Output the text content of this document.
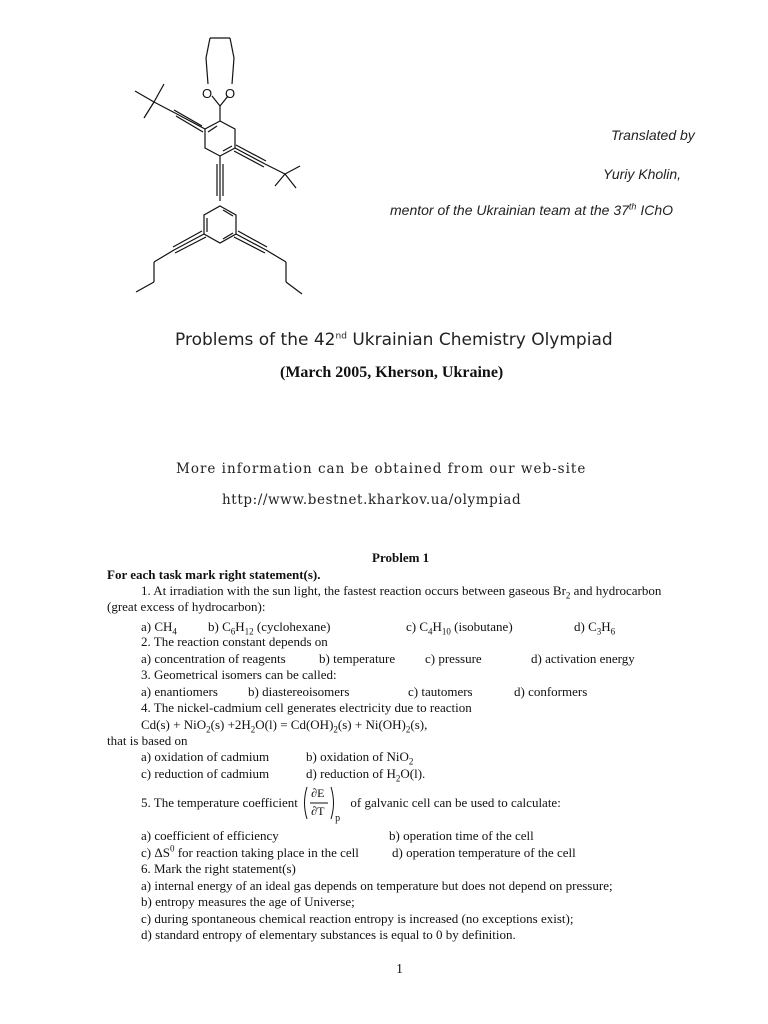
O O
Translated by
Yuriy Kholin,
mentor of the Ukrainian team at the 37th IChO
Problems of the 42nd Ukrainian Chemistry Olympiad
(March 2005, Kherson, Ukraine)
More information can be obtained from our web-site
http://www.bestnet.kharkov.ua/olympiad
Problem 1
For each task mark right statement(s).
1. At irradiation with the sun light, the fastest reaction occurs between gaseous $Br_2$ and hydrocarbon
(great excess of hydrocarbon):
a) $CH_4$ b) $C_6H_{12}$ (cyclohexane)	c) $C_4H_{10}$ (isobutane)	d) $C_3H_6$
2. The reaction constant depends on
a) concentration of reagents	b) temperature c) pressure	d) activation energy
3. Geometrical isomers can be called:
a) enantiomers b) diastereoisomers	c) tautomers	d) conformers
4. The nickel-cadmium cell generates electricity due to reaction
$Cd(s) + NiO_2(s) +2H_2O(l) = Cd(OH)_2(s) + Ni(OH)_2(s)$,
that is based on
a) oxidation of cadmium	b) oxidation of NiO$_2$
c) reduction of cadmium	d) reduction of $H_2O(l)$.
5. The temperature coefficient
∂E
∂T
p
of galvanic cell can be used to calculate:
a) coefficient of efficiency	b) operation time of the cell
c) $\Delta S^0$ for reaction taking place in the cell	d) operation temperature of the cell
6. Mark the right statement(s)
a) internal energy of an ideal gas depends on temperature but does not depend on pressure;
b) entropy measures the age of Universe;
c) during spontaneous chemical reaction entropy is increased (no exceptions exist);
d) standard entropy of elementary substances is equal to 0 by definition.
1
